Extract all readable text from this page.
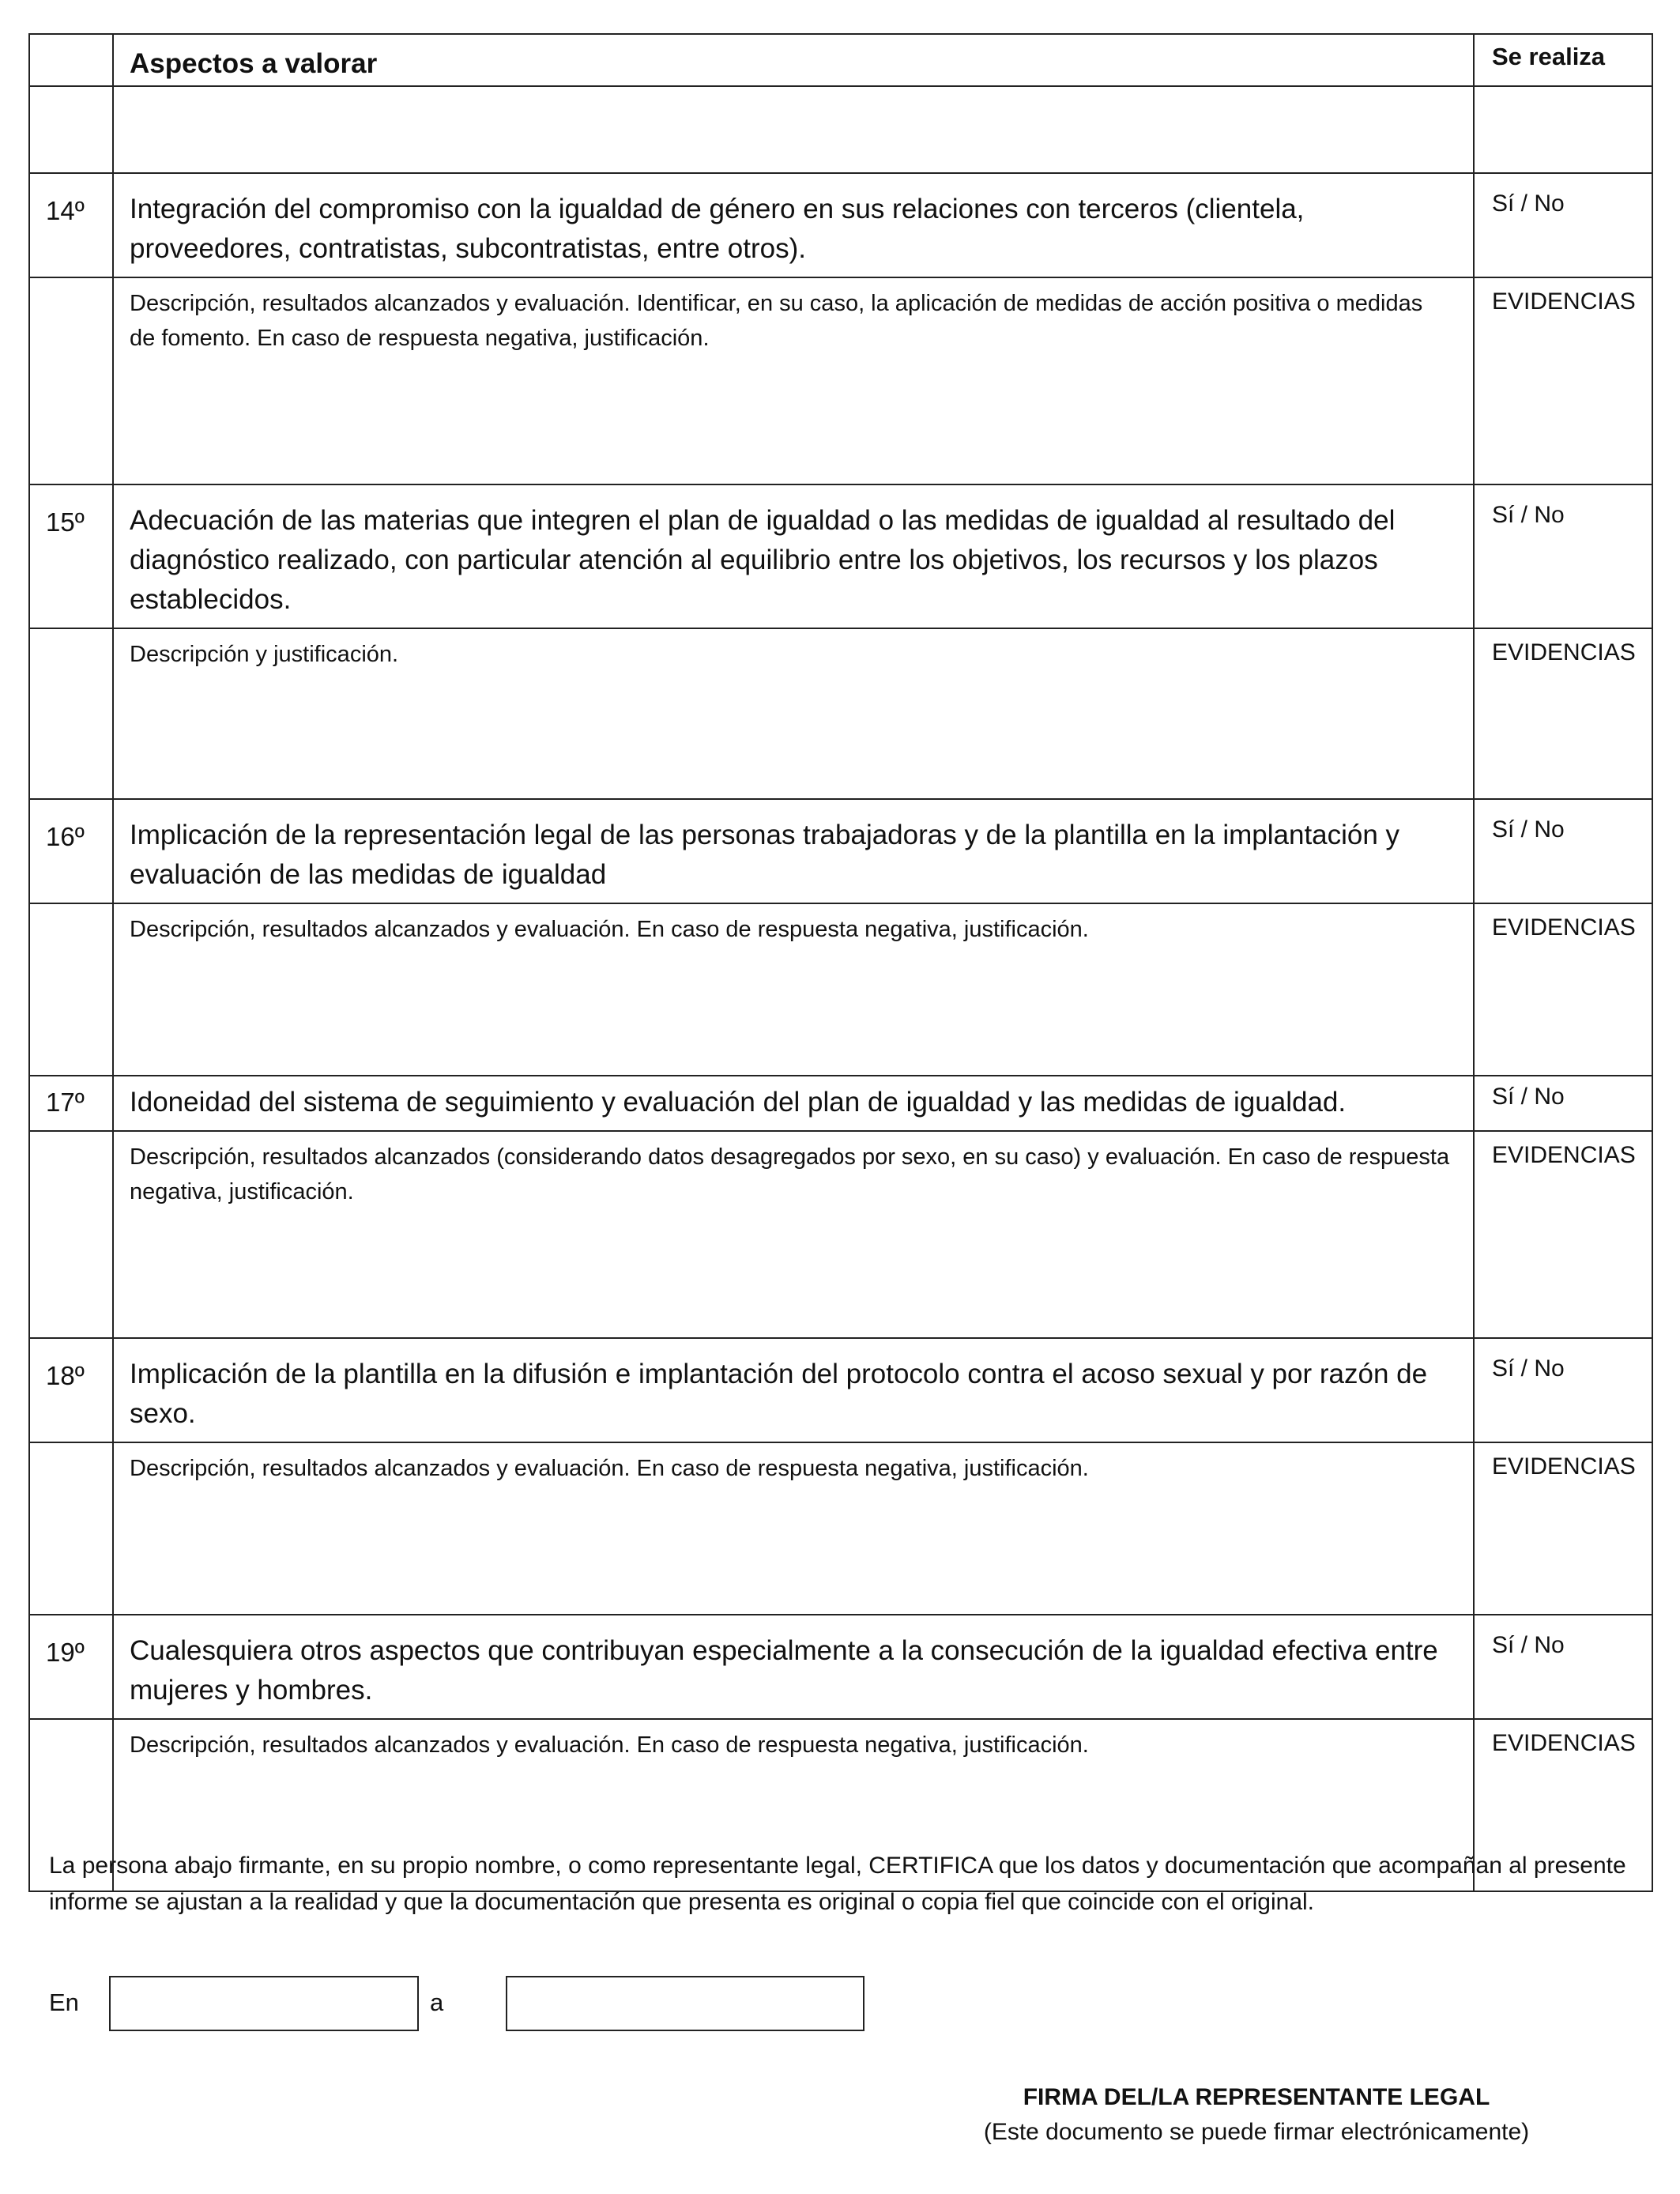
	Aspectos a valorar	Se realiza

14º	Integración del compromiso con la igualdad de género en sus relaciones con terceros (clientela, proveedores, contratistas, subcontratistas, entre otros).	Sí / No

	Descripción, resultados alcanzados y evaluación. Identificar, en su caso, la aplicación de medidas de acción positiva o medidas de fomento. En caso de respuesta negativa, justificación.	EVIDENCIAS

15º	Adecuación de las materias que integren el plan de igualdad o las medidas de igualdad al resultado del diagnóstico realizado, con particular atención al equilibrio entre los objetivos, los recursos y los plazos establecidos.	Sí / No

	Descripción y justificación.	EVIDENCIAS

16º	Implicación de la representación legal de las personas trabajadoras y de la plantilla en la implantación y evaluación de las medidas de igualdad	Sí / No

	Descripción, resultados alcanzados y evaluación. En caso de respuesta negativa, justificación.	EVIDENCIAS

17º	Idoneidad del sistema de seguimiento y evaluación del plan de igualdad y las medidas de igualdad.	Sí / No

	Descripción, resultados alcanzados (considerando datos desagregados por sexo, en su caso) y evaluación. En caso de respuesta negativa, justificación.	EVIDENCIAS

18º	Implicación de la plantilla en la difusión e implantación del protocolo contra el acoso sexual y por razón de sexo.	Sí / No

	Descripción, resultados alcanzados y evaluación. En caso de respuesta negativa, justificación.	EVIDENCIAS

19º	Cualesquiera otros aspectos que contribuyan especialmente a la consecución de la igualdad efectiva entre mujeres y hombres.	Sí / No

	Descripción, resultados alcanzados y evaluación. En caso de respuesta negativa, justificación.	EVIDENCIAS
La persona abajo firmante, en su propio nombre, o como representante legal, CERTIFICA que los datos y documentación que acompañan al presente informe se ajustan a la realidad y que la documentación que presenta es original o copia fiel que coincide con el original.
En	a
FIRMA DEL/LA REPRESENTANTE LEGAL
(Este documento se puede firmar electrónicamente)
